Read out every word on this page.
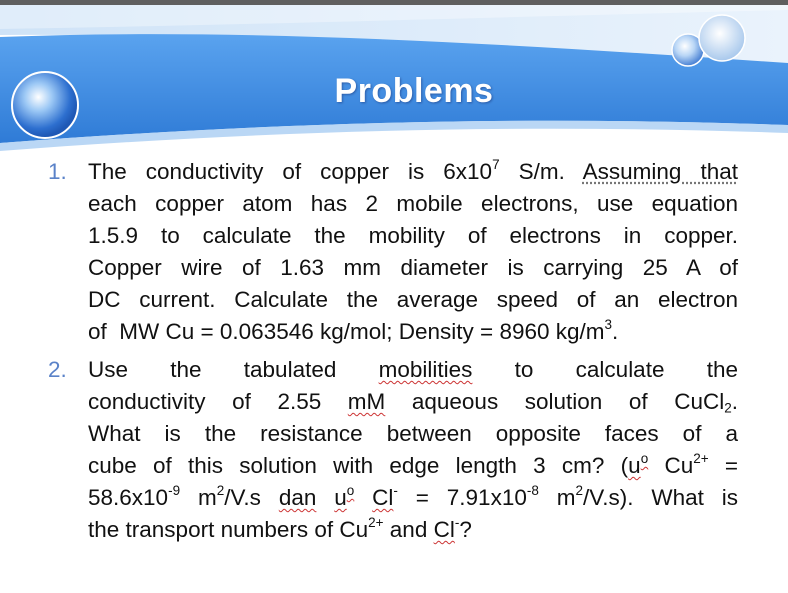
Problems
1. The conductivity of copper is $6x10^7$ S/m. Assuming that
each copper atom has 2 mobile electrons, use equation
1.5.9 to calculate the mobility of electrons in copper.
Copper wire of 1.63 mm diameter is carrying 25 A of
DC current. Calculate the average speed of an electron
of  MW Cu = 0.063546 kg/mol; Density = 8960 $kg/m^3$.
2. Use the tabulated mobilities to calculate the
conductivity of 2.55 mM aqueous solution of CuCl$_2$.
What is the resistance between opposite faces of a
cube of this solution with edge length 3 cm? ($u^o$ $Cu^{2+}$ =
$58.6x10^{-9}$ $m^2/V.s$ dan $u^o$ $Cl^- = 7.91x10^{-8}$ $m^2/V.s$). What is
the transport numbers of $Cu^{2+}$ and Cl-?
